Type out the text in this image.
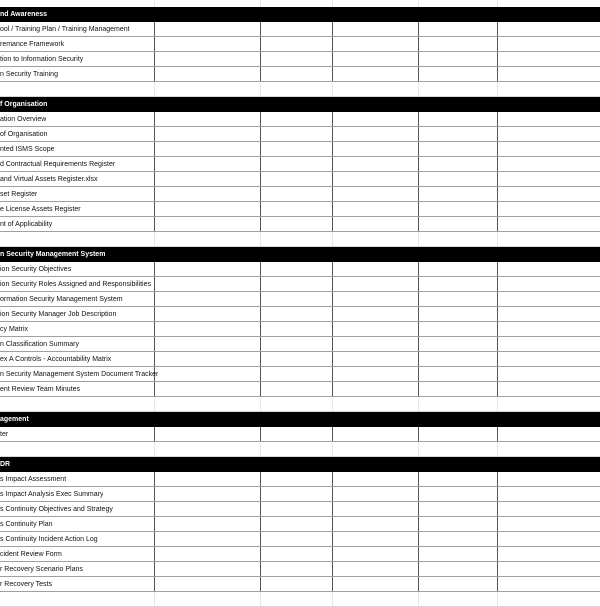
nd Awareness
ool / Training Plan / Training Management
remance Framework
tion to Information Security
n Security Training
f Organisation
ation Overview
of Organisation
nted ISMS Scope
d Contractual Requirements Register
and Virtual Assets Register.xlsx
set Register
e License Assets Register
nt of Applicability
n Security Management System
ion Security Objectives
ion Security Roles Assigned and Responsibilities
ormation Security Management System
ion Security Manager Job Description
cy Matrix
n Classification Summary
ex A Controls - Accountability Matrix
n Security Management System Document Tracker
ent Review Team Minutes
agement
ter
DR
s Impact Assessment
s Impact Analysis Exec Summary
s Continuity Objectives and Strategy
s Continuity Plan
s Continuity Incident Action Log
cident Review Form
r Recovery Scenario Plans
r Recovery Tests
